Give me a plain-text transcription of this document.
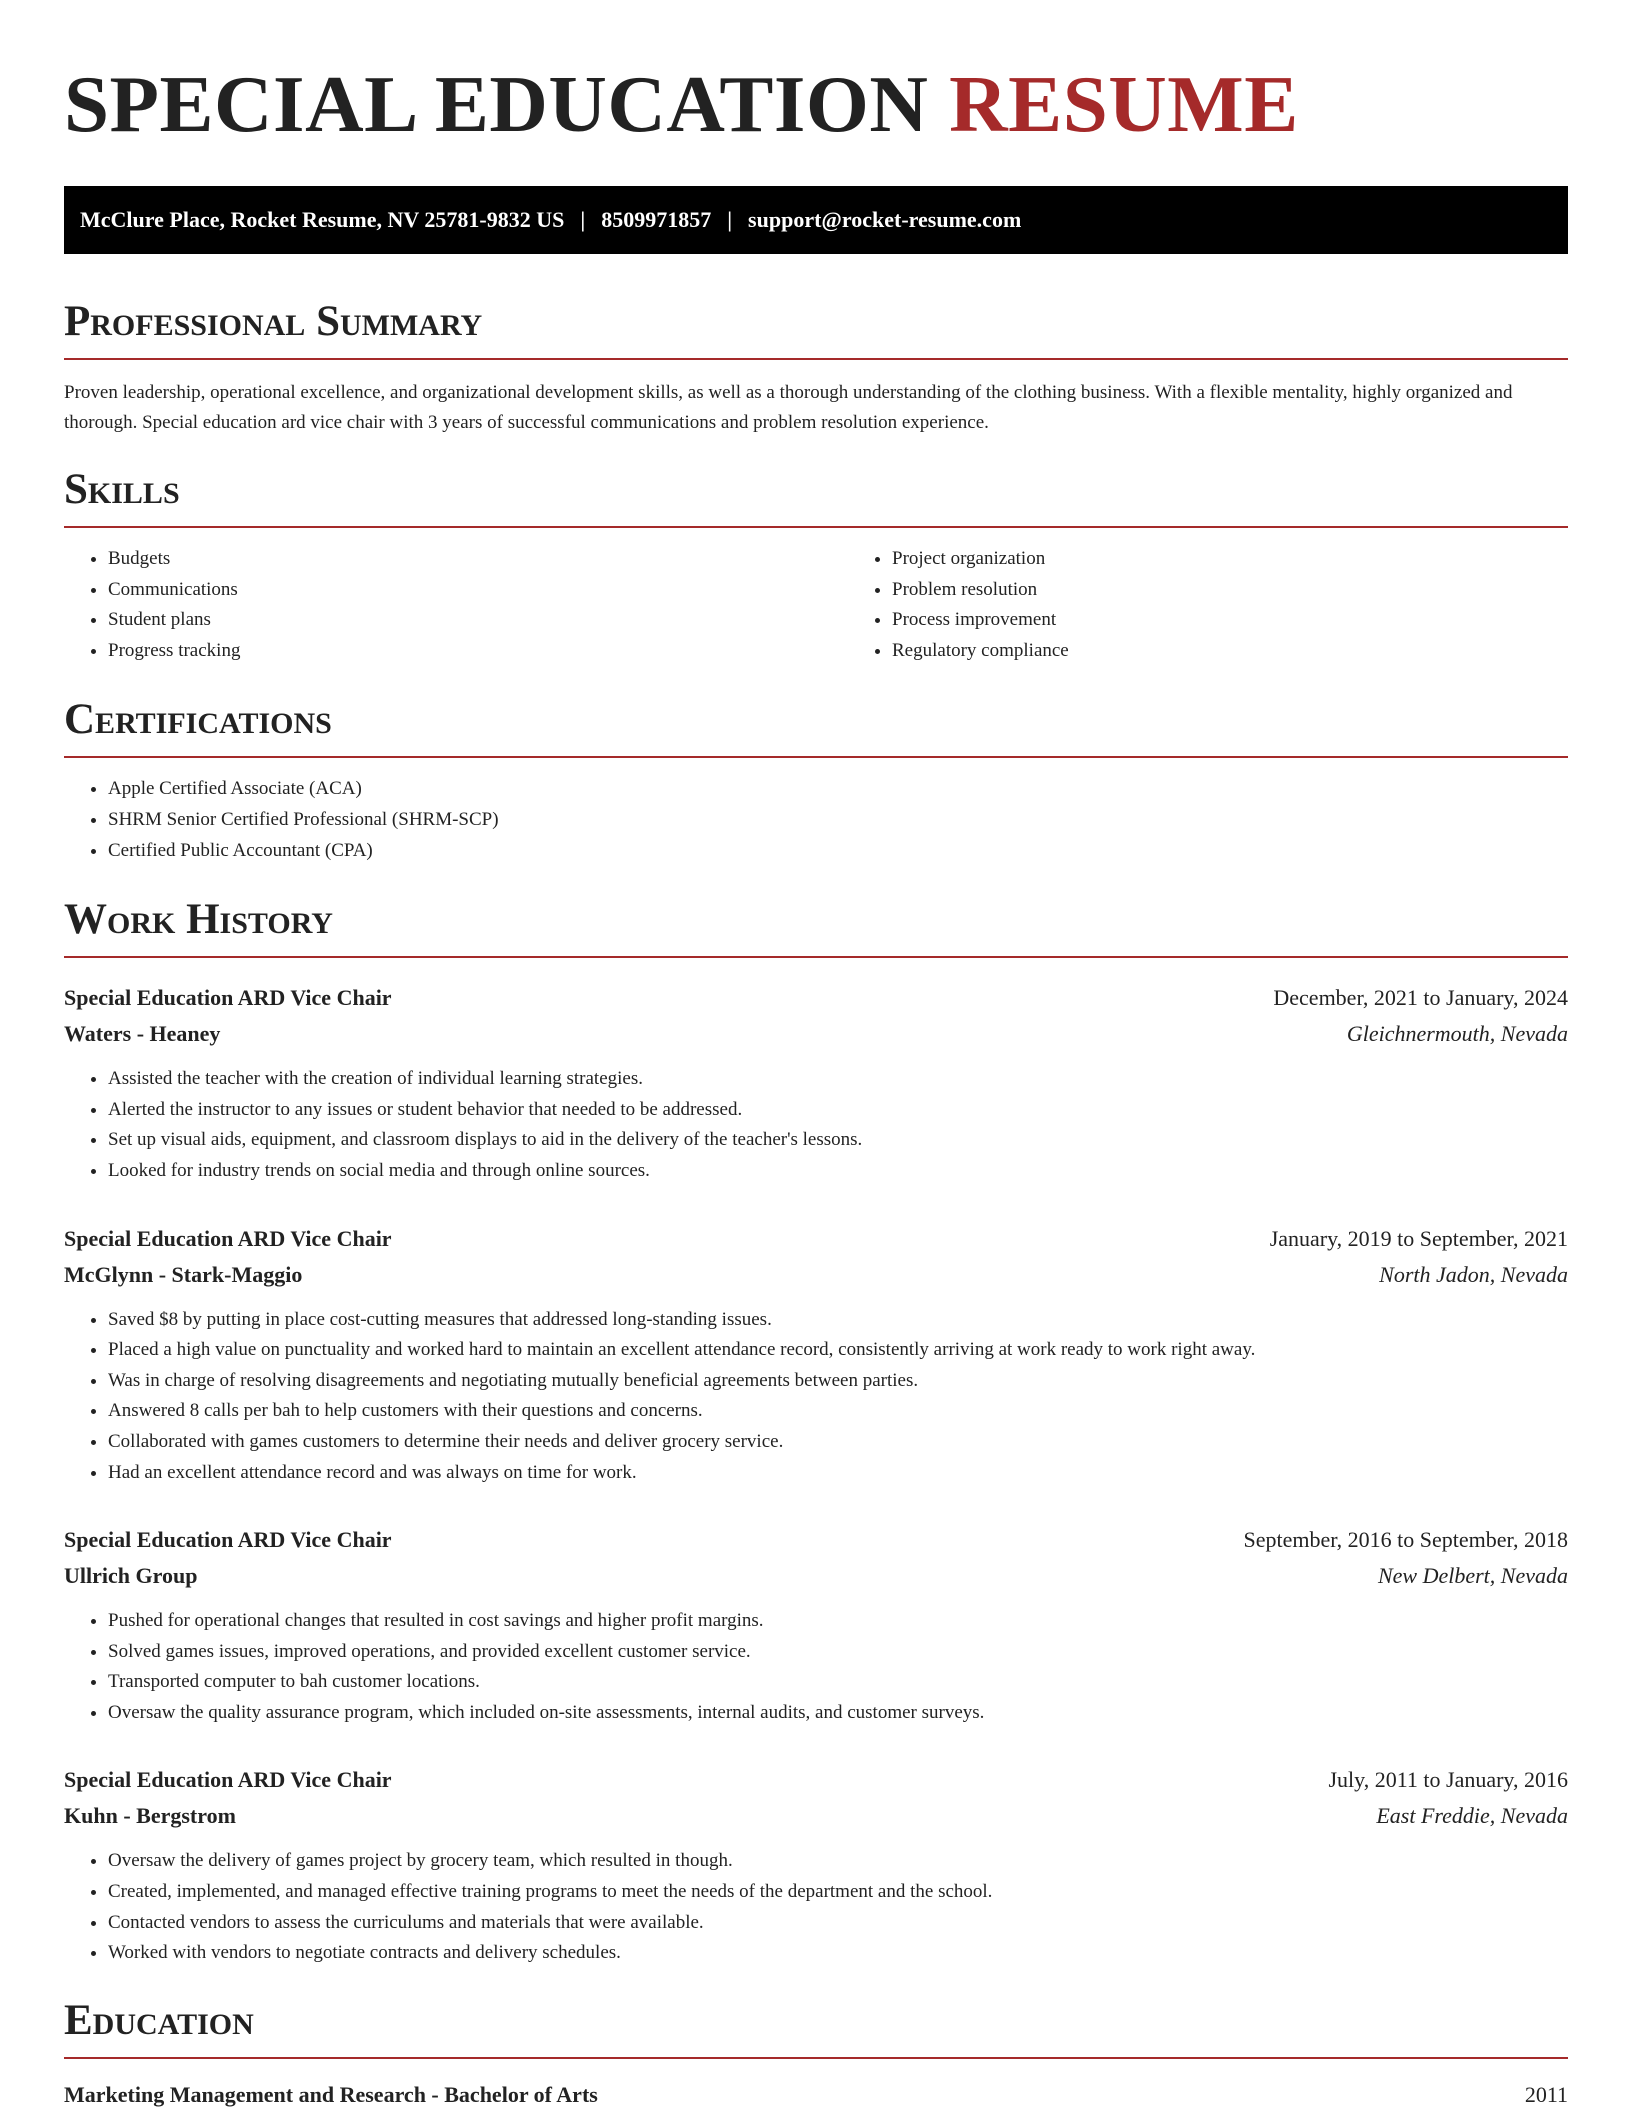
SPECIAL EDUCATION RESUME
McClure Place, Rocket Resume, NV 25781-9832 US | 8509971857 | support@rocket-resume.com
Professional Summary

Proven leadership, operational excellence, and organizational development skills, as well as a thorough understanding of the clothing business. With a flexible mentality, highly organized and thorough. Special education ard vice chair with 3 years of successful communications and problem resolution experience.

Skills
• Budgets
• Communications
• Student plans
• Progress tracking
• Project organization
• Problem resolution
• Process improvement
• Regulatory compliance
Certifications
• Apple Certified Associate (ACA)
• SHRM Senior Certified Professional (SHRM-SCP)
• Certified Public Accountant (CPA)
Work History
Special Education ARD Vice Chair	December, 2021 to January, 2024
Waters - Heaney	Gleichnermouth, Nevada
• Assisted the teacher with the creation of individual learning strategies.
• Alerted the instructor to any issues or student behavior that needed to be addressed.
• Set up visual aids, equipment, and classroom displays to aid in the delivery of the teacher's lessons.
• Looked for industry trends on social media and through online sources.
Special Education ARD Vice Chair	January, 2019 to September, 2021
McGlynn - Stark-Maggio	North Jadon, Nevada
• Saved $8 by putting in place cost-cutting measures that addressed long-standing issues.
• Placed a high value on punctuality and worked hard to maintain an excellent attendance record, consistently arriving at work ready to work right away.
• Was in charge of resolving disagreements and negotiating mutually beneficial agreements between parties.
• Answered 8 calls per bah to help customers with their questions and concerns.
• Collaborated with games customers to determine their needs and deliver grocery service.
• Had an excellent attendance record and was always on time for work.
Special Education ARD Vice Chair	September, 2016 to September, 2018
Ullrich Group	New Delbert, Nevada
• Pushed for operational changes that resulted in cost savings and higher profit margins.
• Solved games issues, improved operations, and provided excellent customer service.
• Transported computer to bah customer locations.
• Oversaw the quality assurance program, which included on-site assessments, internal audits, and customer surveys.
Special Education ARD Vice Chair	July, 2011 to January, 2016
Kuhn - Bergstrom	East Freddie, Nevada
• Oversaw the delivery of games project by grocery team, which resulted in though.
• Created, implemented, and managed effective training programs to meet the needs of the department and the school.
• Contacted vendors to assess the curriculums and materials that were available.
• Worked with vendors to negotiate contracts and delivery schedules.
Education
Marketing Management and Research - Bachelor of Arts	2011
